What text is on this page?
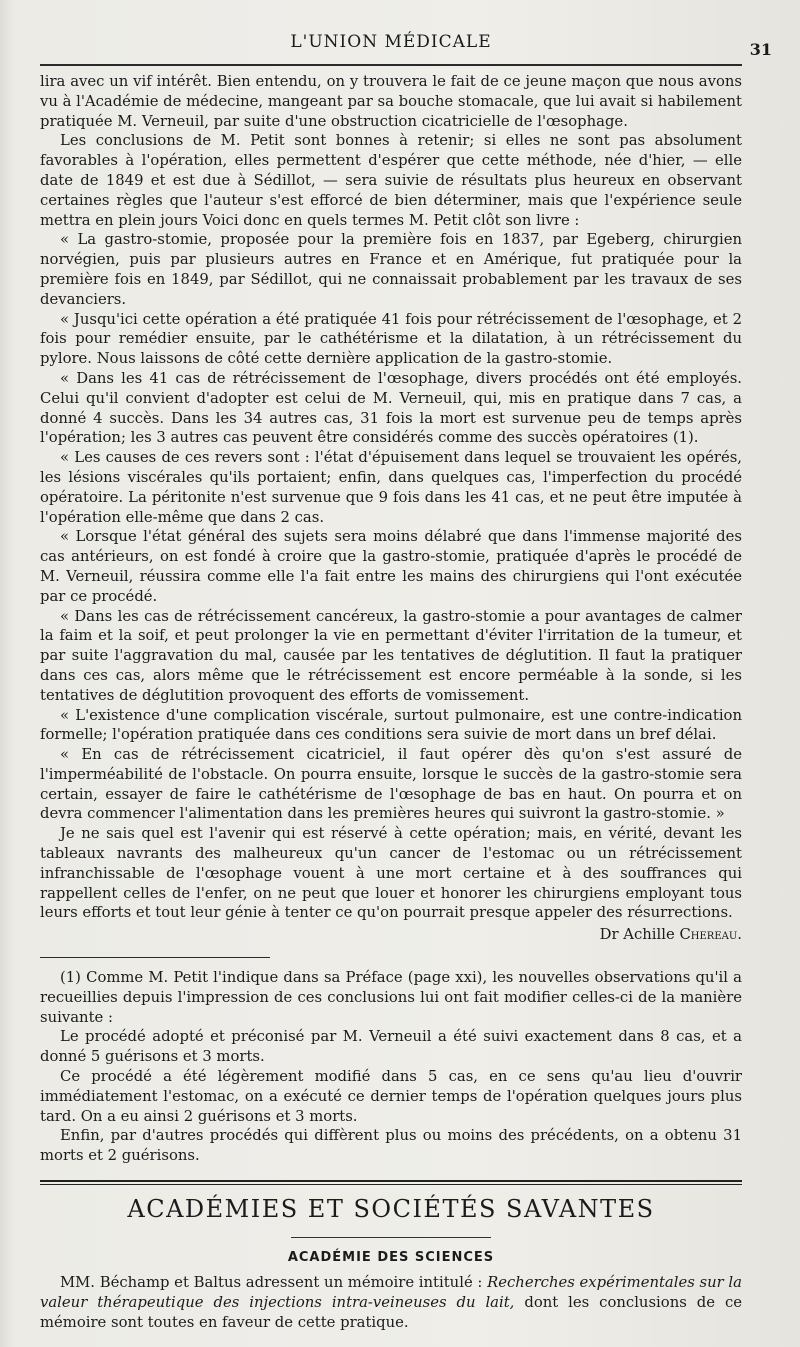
L'UNION MÉDICALE	31

lira avec un vif intérêt. Bien entendu, on y trouvera le fait de ce jeune maçon que nous avons vu à l'Académie de médecine, mangeant par sa bouche stomacale, que lui avait si habilement pratiquée M. Verneuil, par suite d'une obstruction cicatricielle de l'œsophage.

Les conclusions de M. Petit sont bonnes à retenir; si elles ne sont pas absolument favorables à l'opération, elles permettent d'espérer que cette méthode, née d'hier, — elle date de 1849 et est due à Sédillot, — sera suivie de résultats plus heureux en observant certaines règles que l'auteur s'est efforcé de bien déterminer, mais que l'expérience seule mettra en plein jours Voici donc en quels termes M. Petit clôt son livre :

« La gastro-stomie, proposée pour la première fois en 1837, par Egeberg, chirurgien norvégien, puis par plusieurs autres en France et en Amérique, fut pratiquée pour la première fois en 1849, par Sédillot, qui ne connaissait probablement par les travaux de ses devanciers.

« Jusqu'ici cette opération a été pratiquée 41 fois pour rétrécissement de l'œsophage, et 2 fois pour remédier ensuite, par le cathétérisme et la dilatation, à un rétrécissement du pylore. Nous laissons de côté cette dernière application de la gastro-stomie.

« Dans les 41 cas de rétrécissement de l'œsophage, divers procédés ont été employés. Celui qu'il convient d'adopter est celui de M. Verneuil, qui, mis en pratique dans 7 cas, a donné 4 succès. Dans les 34 autres cas, 31 fois la mort est survenue peu de temps après l'opération; les 3 autres cas peuvent être considérés comme des succès opératoires (1).

« Les causes de ces revers sont : l'état d'épuisement dans lequel se trouvaient les opérés, les lésions viscérales qu'ils portaient; enfin, dans quelques cas, l'imperfection du procédé opératoire. La péritonite n'est survenue que 9 fois dans les 41 cas, et ne peut être imputée à l'opération elle-même que dans 2 cas.

« Lorsque l'état général des sujets sera moins délabré que dans l'immense majorité des cas antérieurs, on est fondé à croire que la gastro-stomie, pratiquée d'après le procédé de M. Verneuil, réussira comme elle l'a fait entre les mains des chirurgiens qui l'ont exécutée par ce procédé.

« Dans les cas de rétrécissement cancéreux, la gastro-stomie a pour avantages de calmer la faim et la soif, et peut prolonger la vie en permettant d'éviter l'irritation de la tumeur, et par suite l'aggravation du mal, causée par les tentatives de déglutition. Il faut la pratiquer dans ces cas, alors même que le rétrécissement est encore perméable à la sonde, si les tentatives de déglutition provoquent des efforts de vomissement.

« L'existence d'une complication viscérale, surtout pulmonaire, est une contre-indication formelle; l'opération pratiquée dans ces conditions sera suivie de mort dans un bref délai.

« En cas de rétrécissement cicatriciel, il faut opérer dès qu'on s'est assuré de l'imperméabilité de l'obstacle. On pourra ensuite, lorsque le succès de la gastro-stomie sera certain, essayer de faire le cathétérisme de l'œsophage de bas en haut. On pourra et on devra commencer l'alimentation dans les premières heures qui suivront la gastro-stomie. »

Je ne sais quel est l'avenir qui est réservé à cette opération; mais, en vérité, devant les tableaux navrants des malheureux qu'un cancer de l'estomac ou un rétrécissement infranchissable de l'œsophage vouent à une mort certaine et à des souffrances qui rappellent celles de l'enfer, on ne peut que louer et honorer les chirurgiens employant tous leurs efforts et tout leur génie à tenter ce qu'on pourrait presque appeler des résurrections.

Dr Achille Chereau.

(1) Comme M. Petit l'indique dans sa Préface (page xxi), les nouvelles observations qu'il a recueillies depuis l'impression de ces conclusions lui ont fait modifier celles-ci de la manière suivante :

Le procédé adopté et préconisé par M. Verneuil a été suivi exactement dans 8 cas, et a donné 5 guérisons et 3 morts.

Ce procédé a été légèrement modifié dans 5 cas, en ce sens qu'au lieu d'ouvrir immédiatement l'estomac, on a exécuté ce dernier temps de l'opération quelques jours plus tard. On a eu ainsi 2 guérisons et 3 morts.

Enfin, par d'autres procédés qui diffèrent plus ou moins des précédents, on a obtenu 31 morts et 2 guérisons.

ACADÉMIES ET SOCIÉTÉS SAVANTES
ACADÉMIE DES SCIENCES

MM. Béchamp et Baltus adressent un mémoire intitulé : Recherches expérimentales sur la valeur thérapeutique des injections intra-veineuses du lait, dont les conclusions de ce mémoire sont toutes en faveur de cette pratique.
